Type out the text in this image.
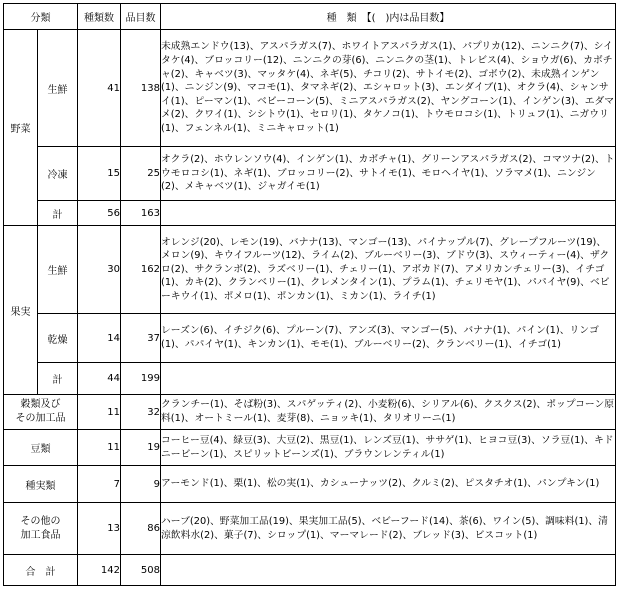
分類		種類数	品目数	種　類　【(　)内は品目数】
野菜	生鮮	41	138	未成熟エンドウ(13)、アスパラガス(7)、ホワイトアスパラガス(1)、パプリカ(12)、ニンニク(7)、シイタケ(4)、ブロッコリー(12)、ニンニクの芽(6)、ニンニクの茎(1)、トレビス(4)、ショウガ(6)、カボチャ(2)、キャベツ(3)、マッタケ(4)、ネギ(5)、チコリ(2)、サトイモ(2)、ゴボウ(2)、未成熟インゲン(1)、ニンジン(9)、マコモ(1)、タマネギ(2)、エシャロット(3)、エンダイブ(1)、オクラ(4)、シャンサイ(1)、ピーマン(1)、ベビーコーン(5)、ミニアスパラガス(2)、ヤングコーン(1)、インゲン(3)、エダマメ(2)、クワイ(1)、シシトウ(1)、セロリ(1)、タケノコ(1)、トウモロコシ(1)、トリュフ(1)、ニガウリ(1)、フェンネル(1)、ミニキャロット(1)
	冷凍	15	25	オクラ(2)、ホウレンソウ(4)、インゲン(1)、カボチャ(1)、グリーンアスパラガス(2)、コマツナ(2)、トウモロコシ(1)、ネギ(1)、ブロッコリー(2)、サトイモ(1)、モロヘイヤ(1)、ソラマメ(1)、ニンジン(2)、メキャベツ(1)、ジャガイモ(1)
	計	56	163	
果実	生鮮	30	162	オレンジ(20)、レモン(19)、バナナ(13)、マンゴー(13)、パイナップル(7)、グレープフルーツ(19)、メロン(9)、キウイフルーツ(12)、ライム(2)、ブルーベリー(3)、ブドウ(3)、スウィーティー(4)、ザクロ(2)、サクランボ(2)、ラズベリー(1)、チェリー(1)、アボカド(7)、アメリカンチェリー(3)、イチゴ(1)、カキ(2)、クランベリー(1)、クレメンタイン(1)、プラム(1)、チェリモヤ(1)、パパイヤ(9)、ベビーキウイ(1)、ポメロ(1)、ポンカン(1)、ミカン(1)、ライチ(1)
	乾燥	14	37	レーズン(6)、イチジク(6)、プルーン(7)、アンズ(3)、マンゴー(5)、バナナ(1)、パイン(1)、リンゴ(1)、パパイヤ(1)、キンカン(1)、モモ(1)、ブルーベリー(2)、クランベリー(1)、イチゴ(1)
	計	44	199	
穀類及び
その加工品		11	32	クランチー(1)、そば粉(3)、スパゲッティ(2)、小麦粉(6)、シリアル(6)、クスクス(2)、ポップコーン原料(1)、オートミール(1)、麦芽(8)、ニョッキ(1)、タリオリーニ(1)
豆類		11	19	コーヒー豆(4)、緑豆(3)、大豆(2)、黒豆(1)、レンズ豆(1)、ササゲ(1)、ヒヨコ豆(3)、ソラ豆(1)、キドニービーン(1)、スピリットビーンズ(1)、ブラウンレンティル(1)
種実類		7	9	アーモンド(1)、栗(1)、松の実(1)、カシューナッツ(2)、クルミ(2)、ピスタチオ(1)、パンプキン(1)
その他の
加工食品		13	86	ハーブ(20)、野菜加工品(19)、果実加工品(5)、ベビーフード(14)、茶(6)、ワイン(5)、調味料(1)、清涼飲料水(2)、菓子(7)、シロップ(1)、マーマレード(2)、ブレッド(3)、ビスコット(1)
合　計		142	508	
